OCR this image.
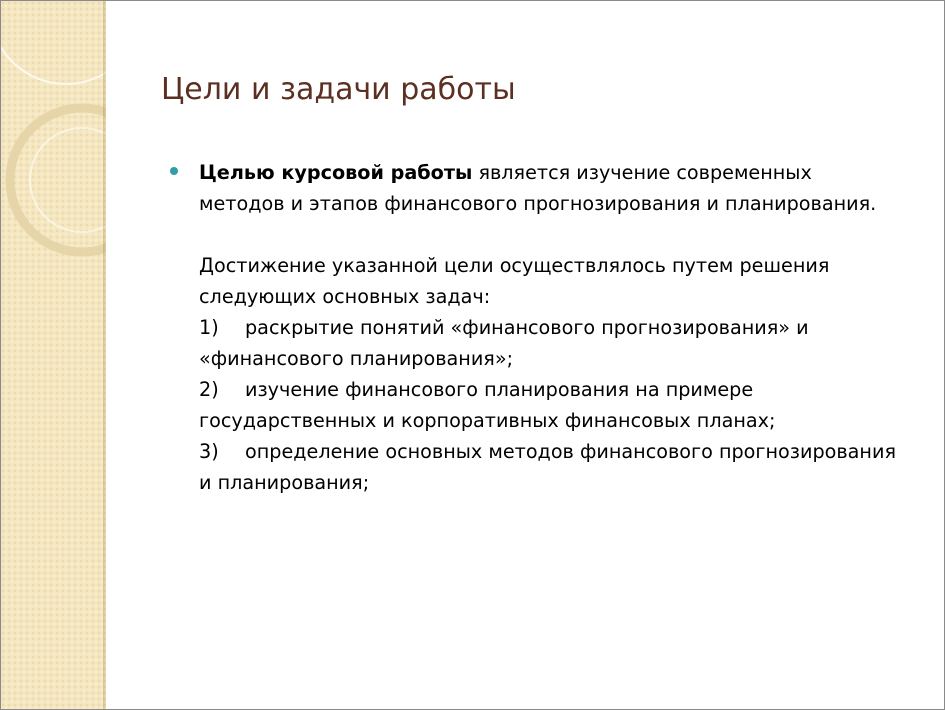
Цели и задачи работы

Целью курсовой работы является изучение современных методов и этапов финансового прогнозирования и планирования.

Достижение указанной цели осуществлялось путем решения следующих основных задач:

1) раскрытие понятий «финансового прогнозирования» и «финансового планирования»;

2) изучение финансового планирования на примере государственных и корпоративных финансовых планах;

3) определение основных методов финансового прогнозирования и планирования;
